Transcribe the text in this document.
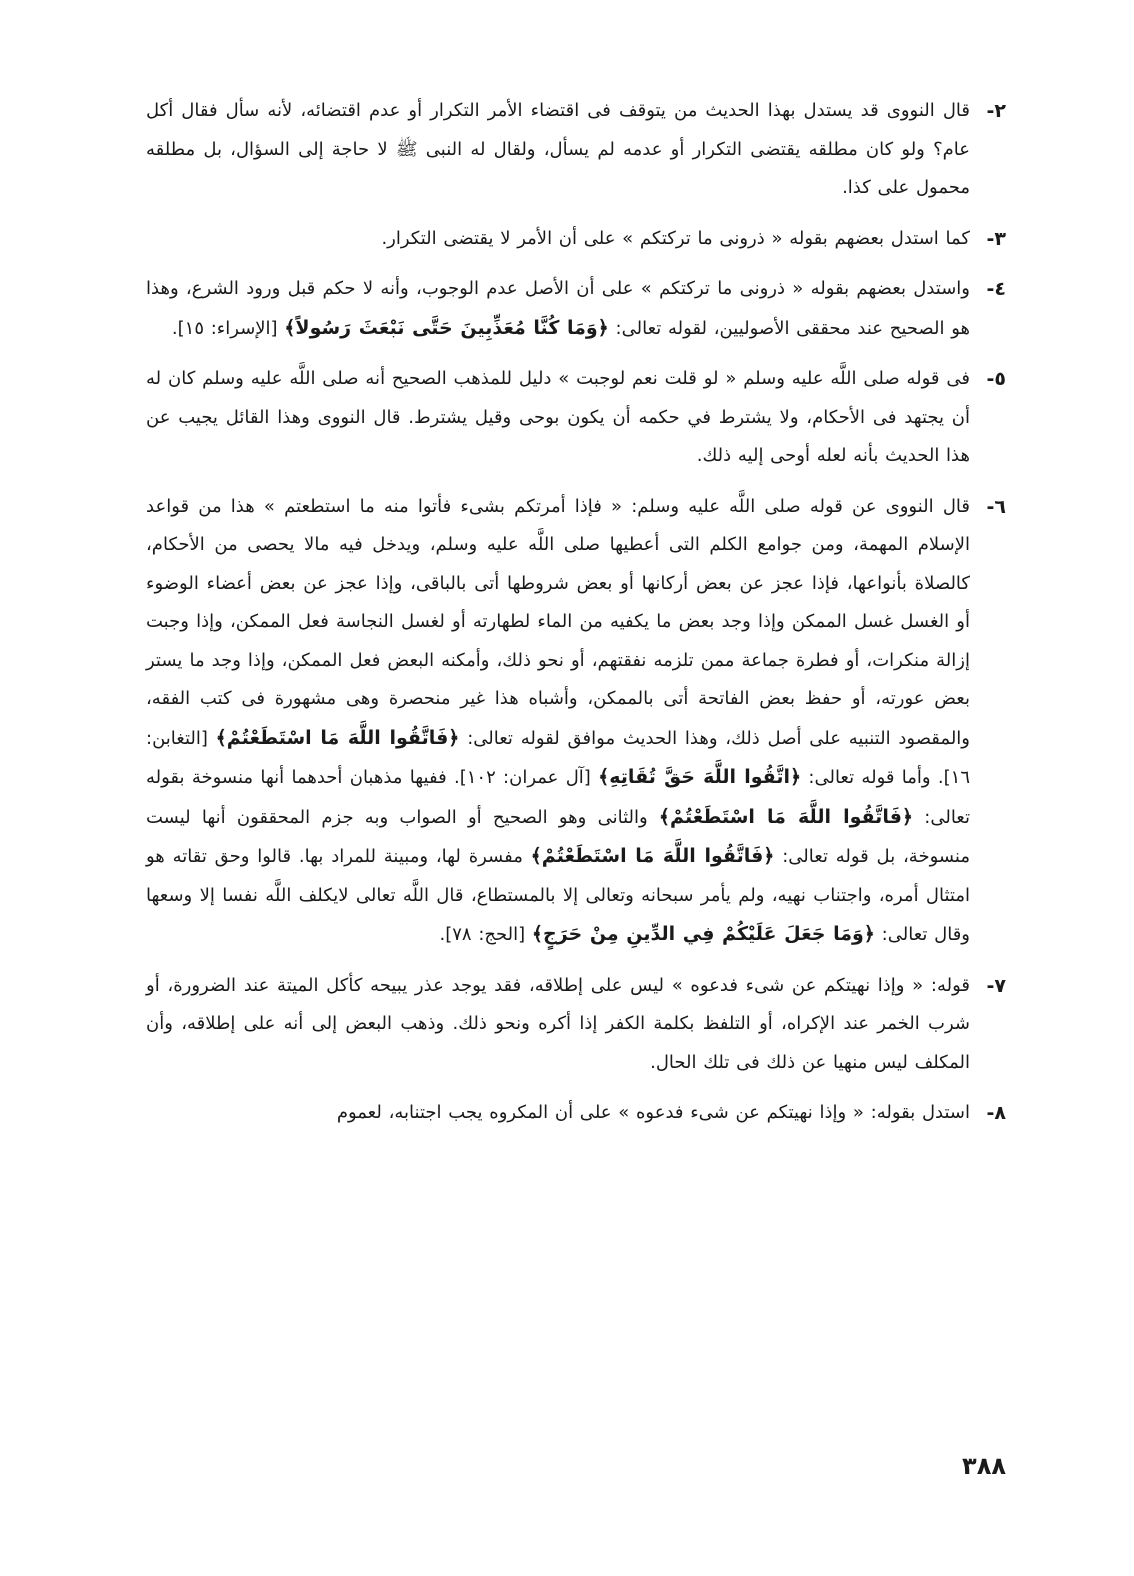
٢-
قال النووى قد يستدل بهذا الحديث من يتوقف فى اقتضاء الأمر التكرار أو عدم اقتضائه، لأنه سأل فقال أكل عام؟ ولو كان مطلقه يقتضى التكرار أو عدمه لم يسأل، ولقال له النبى ﷺ لا حاجة إلى السؤال، بل مطلقه محمول على كذا.
٣-
كما استدل بعضهم بقوله « ذرونى ما تركتكم » على أن الأمر لا يقتضى التكرار.
٤-
واستدل بعضهم بقوله « ذرونى ما تركتكم » على أن الأصل عدم الوجوب، وأنه لا حكم قبل ورود الشرع، وهذا هو الصحيح عند محققى الأصوليين، لقوله تعالى: ﴿وَمَا كُنَّا مُعَذِّبِينَ حَتَّى نَبْعَثَ رَسُولاً﴾ [الإسراء: ١٥].
٥-
فى قوله صلى اللَّه عليه وسلم « لو قلت نعم لوجبت » دليل للمذهب الصحيح أنه صلى اللَّه عليه وسلم كان له أن يجتهد فى الأحكام، ولا يشترط في حكمه أن يكون بوحى وقيل يشترط. قال النووى وهذا القائل يجيب عن هذا الحديث بأنه لعله أوحى إليه ذلك.
٦-
قال النووى عن قوله صلى اللَّه عليه وسلم: « فإذا أمرتكم بشىء فأتوا منه ما استطعتم » هذا من قواعد الإسلام المهمة، ومن جوامع الكلم التى أعطيها صلى اللَّه عليه وسلم، ويدخل فيه مالا يحصى من الأحكام، كالصلاة بأنواعها، فإذا عجز عن بعض أركانها أو بعض شروطها أتى بالباقى، وإذا عجز عن بعض أعضاء الوضوء أو الغسل غسل الممكن وإذا وجد بعض ما يكفيه من الماء لطهارته أو لغسل النجاسة فعل الممكن، وإذا وجبت إزالة منكرات، أو فطرة جماعة ممن تلزمه نفقتهم، أو نحو ذلك، وأمكنه البعض فعل الممكن، وإذا وجد ما يستر بعض عورته، أو حفظ بعض الفاتحة أتى بالممكن، وأشباه هذا غير منحصرة وهى مشهورة فى كتب الفقه، والمقصود التنبيه على أصل ذلك، وهذا الحديث موافق لقوله تعالى: ﴿فَاتَّقُوا اللَّهَ مَا اسْتَطَعْتُمْ﴾ [التغابن: ١٦]. وأما قوله تعالى: ﴿اتَّقُوا اللَّهَ حَقَّ تُقَاتِهِ﴾ [آل عمران: ١٠٢]. ففيها مذهبان أحدهما أنها منسوخة بقوله تعالى: ﴿فَاتَّقُوا اللَّهَ مَا اسْتَطَعْتُمْ﴾ والثانى وهو الصحيح أو الصواب وبه جزم المحققون أنها ليست منسوخة، بل قوله تعالى: ﴿فَاتَّقُوا اللَّهَ مَا اسْتَطَعْتُمْ﴾ مفسرة لها، ومبينة للمراد بها. قالوا وحق تقاته هو امتثال أمره، واجتناب نهيه، ولم يأمر سبحانه وتعالى إلا بالمستطاع، قال اللَّه تعالى لايكلف اللَّه نفسا إلا وسعها وقال تعالى: ﴿وَمَا جَعَلَ عَلَيْكُمْ فِي الدِّينِ مِنْ حَرَجٍ﴾ [الحج: ٧٨].
٧-
قوله: « وإذا نهيتكم عن شىء فدعوه » ليس على إطلاقه، فقد يوجد عذر يبيحه كأكل الميتة عند الضرورة، أو شرب الخمر عند الإكراه، أو التلفظ بكلمة الكفر إذا أكره ونحو ذلك. وذهب البعض إلى أنه على إطلاقه، وأن المكلف ليس منهيا عن ذلك فى تلك الحال.
٨-
استدل بقوله: « وإذا نهيتكم عن شىء فدعوه » على أن المكروه يجب اجتنابه، لعموم
٣٨٨
